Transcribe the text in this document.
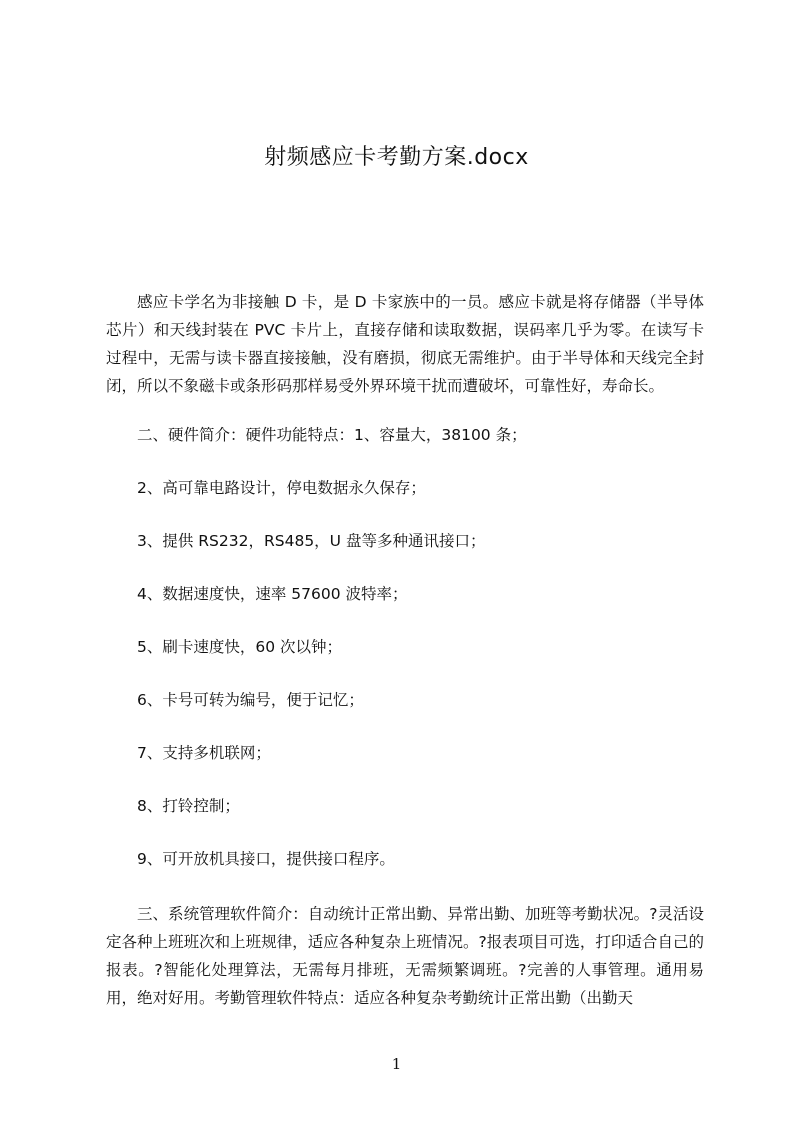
射频感应卡考勤方案.docx

感应卡学名为非接触 D 卡，是 D 卡家族中的一员。感应卡就是将存储器（半导体芯片）和天线封装在 PVC 卡片上，直接存储和读取数据，误码率几乎为零。在读写卡过程中，无需与读卡器直接接触，没有磨损，彻底无需维护。由于半导体和天线完全封闭，所以不象磁卡或条形码那样易受外界环境干扰而遭破坏，可靠性好，寿命长。

二、硬件简介：硬件功能特点：1、容量大，38100 条；

2、高可靠电路设计，停电数据永久保存；

3、提供 RS232，RS485，U 盘等多种通讯接口；

4、数据速度快，速率 57600 波特率；

5、刷卡速度快，60 次以钟；

6、卡号可转为编号，便于记忆；

7、支持多机联网；

8、打铃控制；

9、可开放机具接口，提供接口程序。

三、系统管理软件简介：自动统计正常出勤、异常出勤、加班等考勤状况。?灵活设定各种上班班次和上班规律，适应各种复杂上班情况。?报表项目可选，打印适合自己的报表。?智能化处理算法，无需每月排班，无需频繁调班。?完善的人事管理。通用易用，绝对好用。考勤管理软件特点：适应各种复杂考勤统计正常出勤（出勤天

1
